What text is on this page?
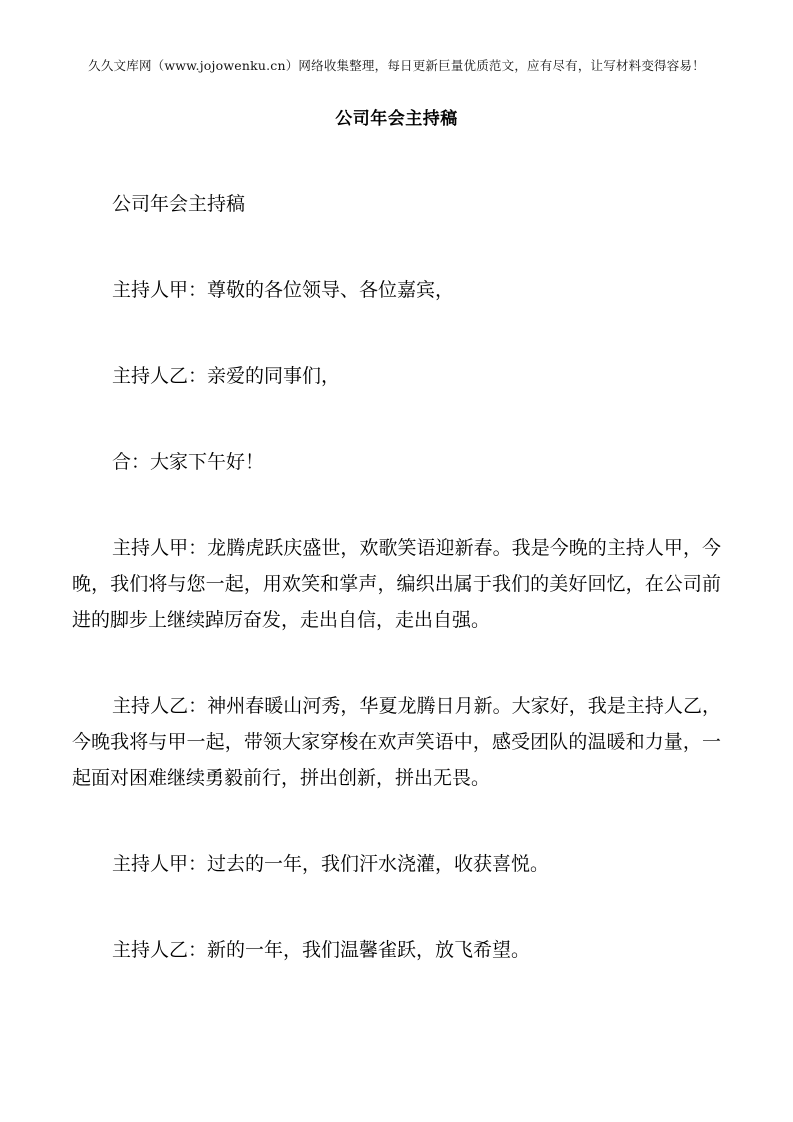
久久文库网（www.jojowenku.cn）网络收集整理，每日更新巨量优质范文，应有尽有，让写材料变得容易！
公司年会主持稿

公司年会主持稿

主持人甲：尊敬的各位领导、各位嘉宾，

主持人乙：亲爱的同事们，

合：大家下午好！

主持人甲：龙腾虎跃庆盛世，欢歌笑语迎新春。我是今晚的主持人甲，今晚，我们将与您一起，用欢笑和掌声，编织出属于我们的美好回忆，在公司前进的脚步上继续踔厉奋发，走出自信，走出自强。

主持人乙：神州春暖山河秀，华夏龙腾日月新。大家好，我是主持人乙，今晚我将与甲一起，带领大家穿梭在欢声笑语中，感受团队的温暖和力量，一起面对困难继续勇毅前行，拼出创新，拼出无畏。

主持人甲：过去的一年，我们汗水浇灌，收获喜悦。

主持人乙：新的一年，我们温馨雀跃，放飞希望。
